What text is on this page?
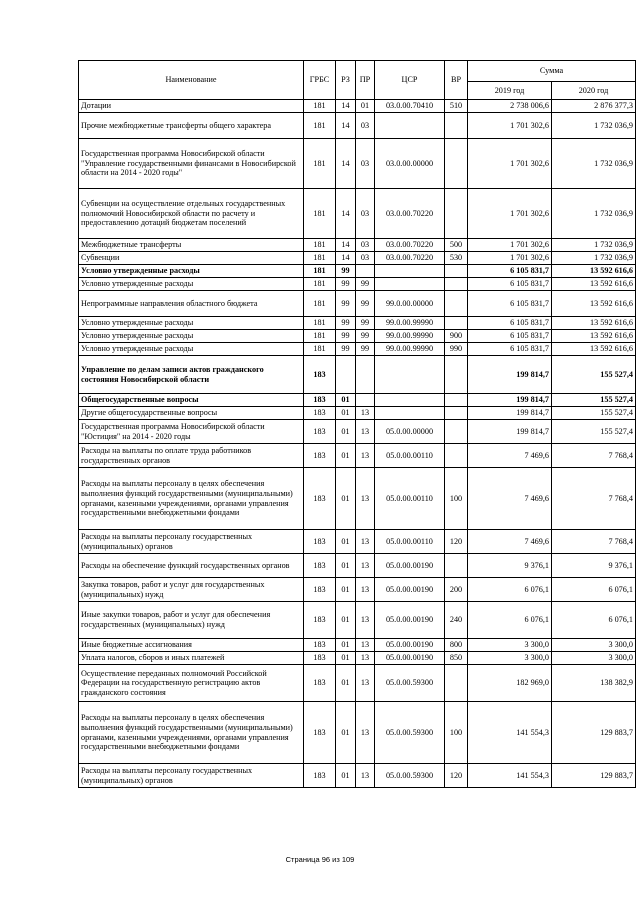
Наименование	ГРБС	РЗ	ПР	ЦСР	ВР	Сумма	
						2019 год	2020 год
Дотации	181	14	01	03.0.00.70410	510	2 738 006,6	2 876 377,3
Прочие межбюджетные трансферты общего характера	181	14	03			1 701 302,6	1 732 036,9
Государственная программа Новосибирской области "Управление государственными финансами в Новосибирской области на 2014 - 2020 годы"	181	14	03	03.0.00.00000		1 701 302,6	1 732 036,9
Субвенции на осуществление отдельных государственных полномочий Новосибирской области по расчету и предоставлению дотаций бюджетам поселений	181	14	03	03.0.00.70220		1 701 302,6	1 732 036,9
Межбюджетные трансферты	181	14	03	03.0.00.70220	500	1 701 302,6	1 732 036,9
Субвенции	181	14	03	03.0.00.70220	530	1 701 302,6	1 732 036,9
Условно утвержденные расходы	181	99				6 105 831,7	13 592 616,6
Условно утвержденные расходы	181	99	99			6 105 831,7	13 592 616,6
Непрограммные направления областного бюджета	181	99	99	99.0.00.00000		6 105 831,7	13 592 616,6
Условно утвержденные расходы	181	99	99	99.0.00.99990		6 105 831,7	13 592 616,6
Условно утвержденные расходы	181	99	99	99.0.00.99990	900	6 105 831,7	13 592 616,6
Условно утвержденные расходы	181	99	99	99.0.00.99990	990	6 105 831,7	13 592 616,6
Управление по делам записи актов гражданского состояния Новосибирской области	183					199 814,7	155 527,4
Общегосударственные вопросы	183	01				199 814,7	155 527,4
Другие общегосударственные вопросы	183	01	13			199 814,7	155 527,4
Государственная программа Новосибирской области "Юстиция" на 2014 - 2020 годы	183	01	13	05.0.00.00000		199 814,7	155 527,4
Расходы на выплаты по оплате труда работников государственных органов	183	01	13	05.0.00.00110		7 469,6	7 768,4
Расходы на выплаты персоналу в целях обеспечения выполнения функций государственными (муниципальными) органами, казенными учреждениями, органами управления государственными внебюджетными фондами	183	01	13	05.0.00.00110	100	7 469,6	7 768,4
Расходы на выплаты персоналу государственных (муниципальных) органов	183	01	13	05.0.00.00110	120	7 469,6	7 768,4
Расходы на обеспечение функций государственных органов	183	01	13	05.0.00.00190		9 376,1	9 376,1
Закупка товаров, работ и услуг для государственных (муниципальных) нужд	183	01	13	05.0.00.00190	200	6 076,1	6 076,1
Иные закупки товаров, работ и услуг для обеспечения государственных (муниципальных) нужд	183	01	13	05.0.00.00190	240	6 076,1	6 076,1
Иные бюджетные ассигнования	183	01	13	05.0.00.00190	800	3 300,0	3 300,0
Уплата налогов, сборов и иных платежей	183	01	13	05.0.00.00190	850	3 300,0	3 300,0
Осуществление переданных полномочий Российской Федерации на государственную регистрацию актов гражданского состояния	183	01	13	05.0.00.59300		182 969,0	138 382,9
Расходы на выплаты персоналу в целях обеспечения выполнения функций государственными (муниципальными) органами, казенными учреждениями, органами управления государственными внебюджетными фондами	183	01	13	05.0.00.59300	100	141 554,3	129 883,7
Расходы на выплаты персоналу государственных (муниципальных) органов	183	01	13	05.0.00.59300	120	141 554,3	129 883,7
Страница 96 из 109
